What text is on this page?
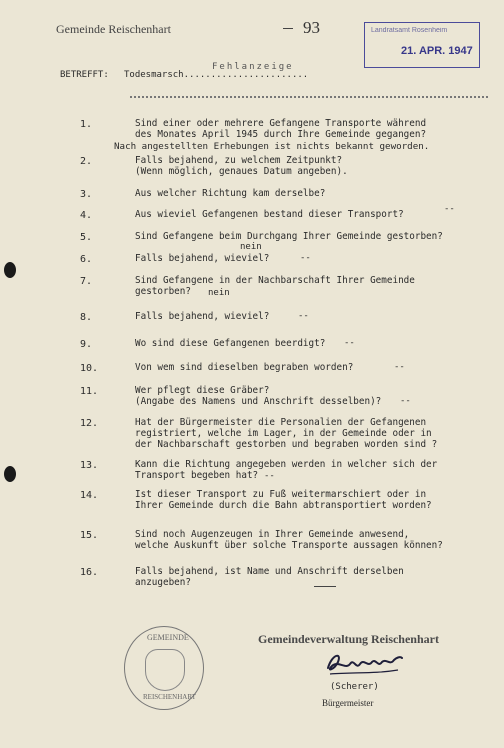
Gemeinde Reischenhart	93	Landratsamt Rosenheim
21. APR. 1947
BETREFFT: Todesmarsch.......................
Fehlanzeige
1.	Sind einer oder mehrere Gefangene Transporte während
des Monates April 1945 durch Ihre Gemeinde gegangen?
Nach angestellten Erhebungen ist nichts bekannt geworden.
2.	Falls bejahend, zu welchem Zeitpunkt?
(Wenn möglich, genaues Datum angeben).
3.	Aus welcher Richtung kam derselbe?
4.	Aus wieviel Gefangenen bestand dieser Transport?	--
5.	Sind Gefangene beim Durchgang Ihrer Gemeinde gestorben?
nein
6.	Falls bejahend, wieviel?	--
7.	Sind Gefangene in der Nachbarschaft Ihrer Gemeinde
gestorben?	nein
8.	Falls bejahend, wieviel?	--
9.	Wo sind diese Gefangenen beerdigt? --
10.	Von wem sind dieselben begraben worden?	--
11.	Wer pflegt diese Gräber?
(Angabe des Namens und Anschrift desselben)? --
12.	Hat der Bürgermeister die Personalien der Gefangenen
registriert, welche im Lager, in der Gemeinde oder in
der Nachbarschaft gestorben und begraben worden sind ?
13.	Kann die Richtung angegeben werden in welcher sich der
Transport begeben hat? --
14.	Ist dieser Transport zu Fuß weitermarschiert oder in
Ihrer Gemeinde durch die Bahn abtransportiert worden?
15.	Sind noch Augenzeugen in Ihrer Gemeinde anwesend,
welche Auskunft über solche Transporte aussagen können?
16.	Falls bejahend, ist Name und Anschrift derselben
anzugeben?
GEMEINDE
REISCHENHART
Gemeindeverwaltung Reischenhart
(Scherer)
Bürgermeister
